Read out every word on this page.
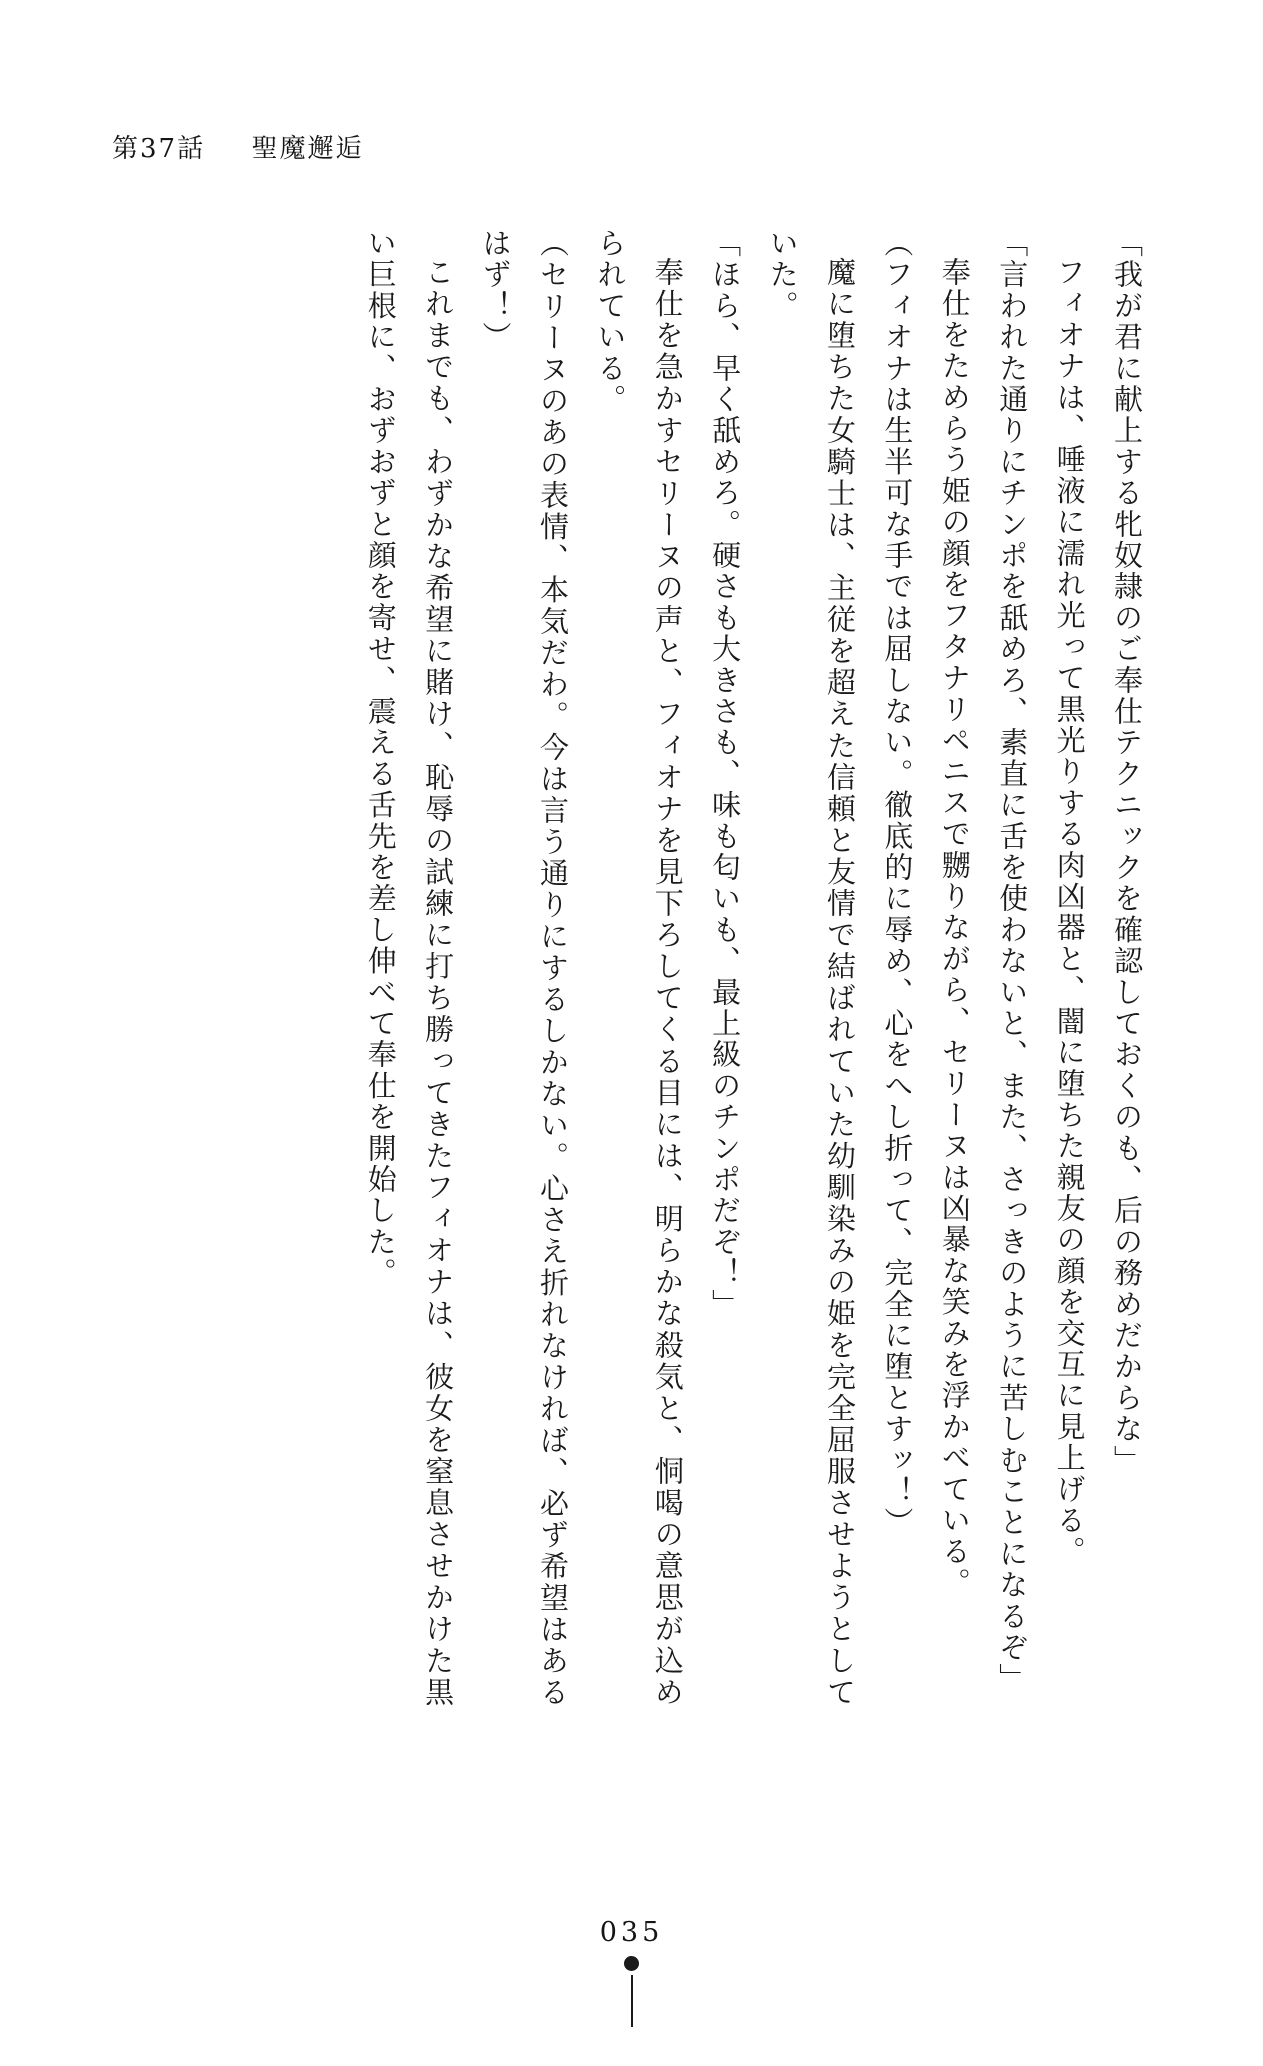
第37話 聖魔邂逅

「我が君に献上する牝奴隷のご奉仕テクニックを確認しておくのも、后の務めだからな」

フィオナは、唾液に濡れ光って黒光りする肉凶器と、闇に堕ちた親友の顔を交互に見上げる。

「言われた通りにチンポを舐めろ、素直に舌を使わないと、また、さっきのように苦しむことになるぞ」

奉仕をためらう姫の顔をフタナリペニスで嬲りながら、セリーヌは凶暴な笑みを浮かべている。

（フィオナは生半可な手では屈しない。徹底的に辱め、心をへし折って、完全に堕とすッ！）

魔に堕ちた女騎士は、主従を超えた信頼と友情で結ばれていた幼馴染みの姫を完全屈服させようとしていた。

「ほら、早く舐めろ。硬さも大きさも、味も匂いも、最上級のチンポだぞ！」

奉仕を急かすセリーヌの声と、フィオナを見下ろしてくる目には、明らかな殺気と、恫喝の意思が込められている。

（セリーヌのあの表情、本気だわ。今は言う通りにするしかない。心さえ折れなければ、必ず希望はあるはず！）

これまでも、わずかな希望に賭け、恥辱の試練に打ち勝ってきたフィオナは、彼女を窒息させかけた黒い巨根に、おずおずと顔を寄せ、震える舌先を差し伸べて奉仕を開始した。

035
